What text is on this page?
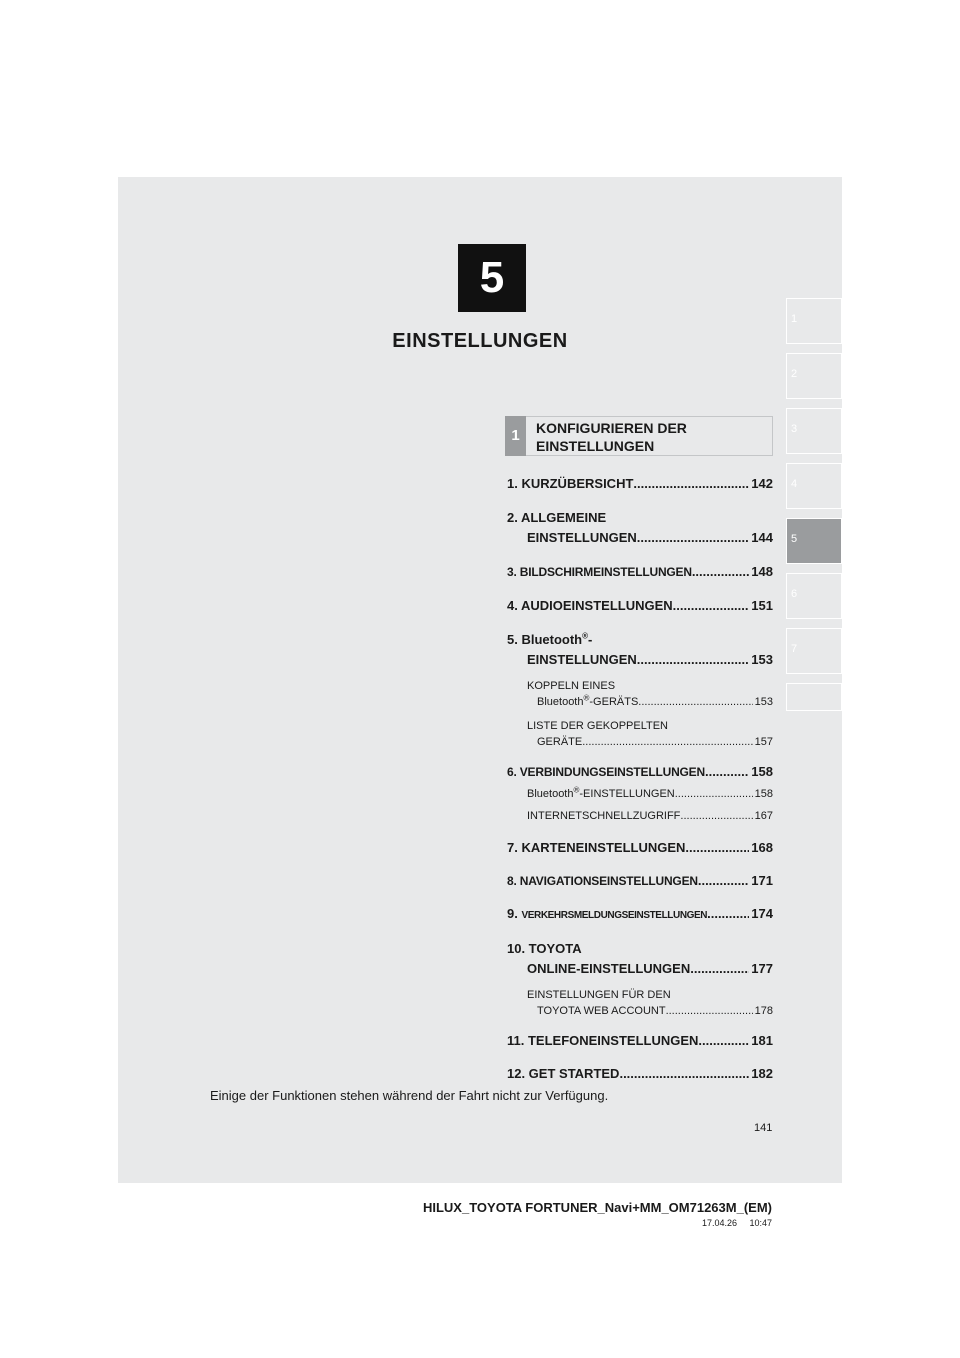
5
EINSTELLUNGEN
1
2
3
4
5
6
7
1	KONFIGURIEREN DER EINSTELLUNGEN
1. KURZÜBERSICHT .....	142
2. ALLGEMEINE
EINSTELLUNGEN .....	144
3. BILDSCHIRMEINSTELLUNGEN .....	148
4. AUDIOEINSTELLUNGEN .....	151
5. Bluetooth®-
EINSTELLUNGEN .....	153
KOPPELN EINES
Bluetooth®-GERÄTS .....	153
LISTE DER GEKOPPELTEN
GERÄTE .....	157
6. VERBINDUNGSEINSTELLUNGEN .....	158
Bluetooth®-EINSTELLUNGEN .....	158
INTERNETSCHNELLZUGRIFF .....	167
7. KARTENEINSTELLUNGEN .....	168
8. NAVIGATIONSEINSTELLUNGEN .....	171
9. VERKEHRSMELDUNGSEINSTELLUNGEN .....	174
10. TOYOTA
ONLINE-EINSTELLUNGEN .....	177
EINSTELLUNGEN FÜR DEN
TOYOTA WEB ACCOUNT .....	178
11. TELEFONEINSTELLUNGEN .....	181
12. GET STARTED .....	182
Einige der Funktionen stehen während der Fahrt nicht zur Verfügung.
141
HILUX_TOYOTA FORTUNER_Navi+MM_OM71263M_(EM)
17.04.26     10:47
